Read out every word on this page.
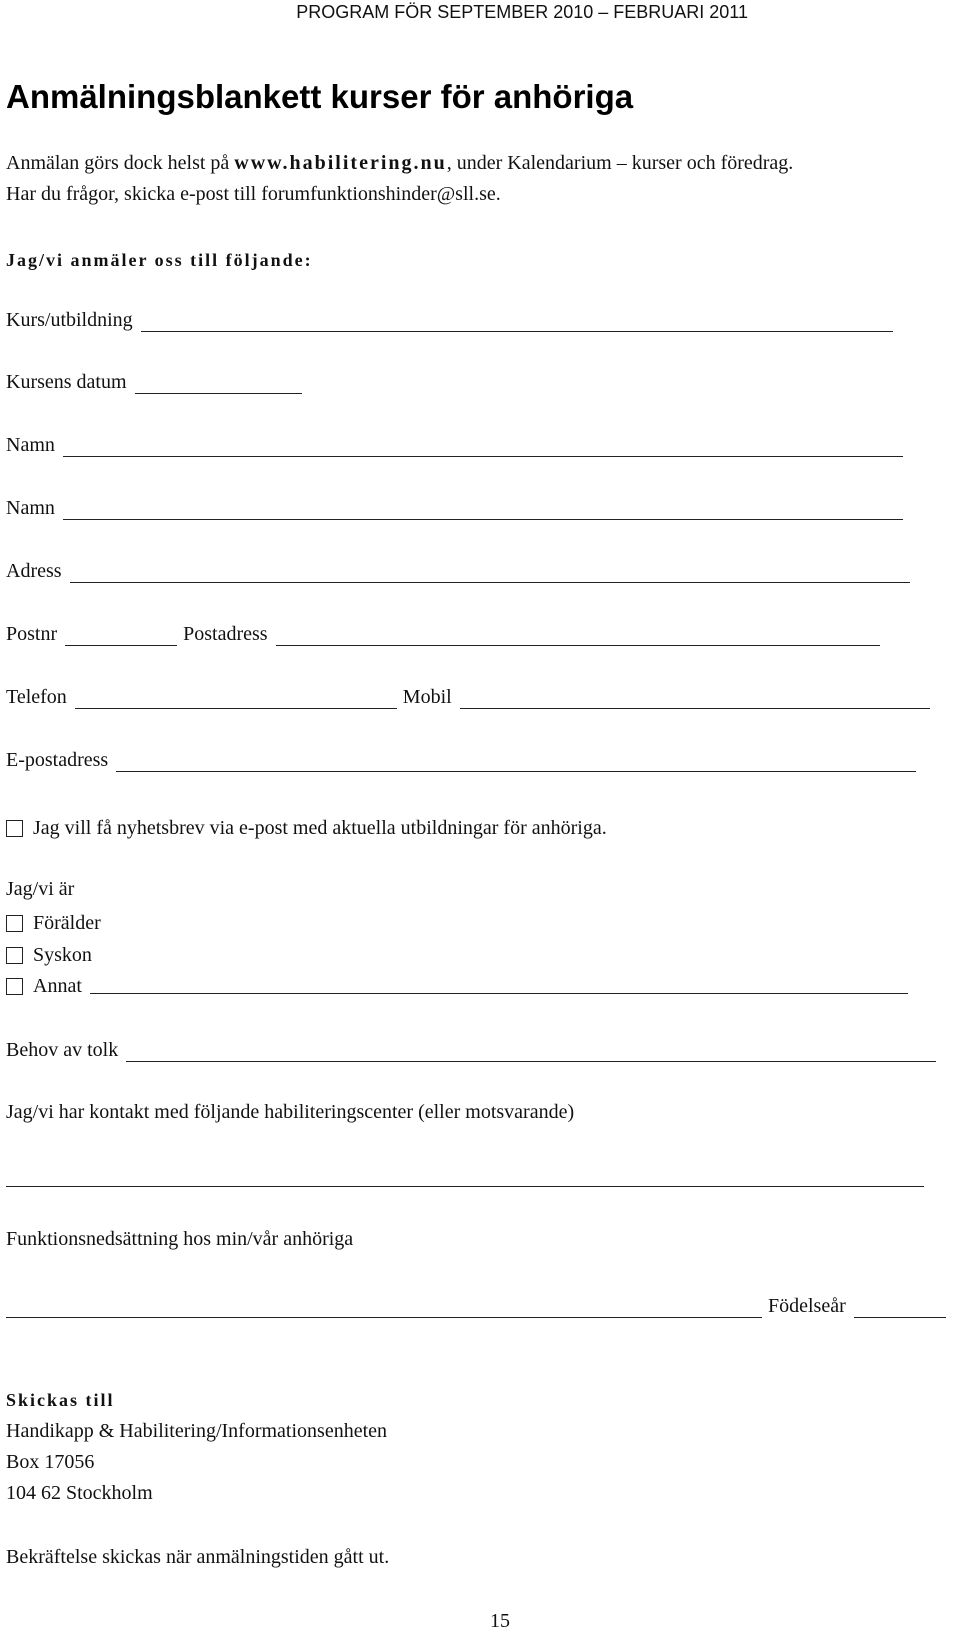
PROGRAM FÖR SEPTEMBER 2010 – FEBRUARI 2011
Anmälningsblankett kurser för anhöriga
Anmälan görs dock helst på www.habilitering.nu, under Kalendarium – kurser och föredrag.
Har du frågor, skicka e-post till forumfunktionshinder@sll.se.
Jag/vi anmäler oss till följande:
Kurs/utbildning
Kursens datum
Namn
Namn
Adress
Postnr	Postadress
Telefon	Mobil
E-postadress
Jag vill få nyhetsbrev via e-post med aktuella utbildningar för anhöriga.
Jag/vi är
Förälder
Syskon
Annat
Behov av tolk
Jag/vi har kontakt med följande habiliteringscenter (eller motsvarande)
Funktionsnedsättning hos min/vår anhöriga
Födelseår
Skickas till
Handikapp & Habilitering/Informationsenheten
Box 17056
104 62 Stockholm
Bekräftelse skickas när anmälningstiden gått ut.
15
